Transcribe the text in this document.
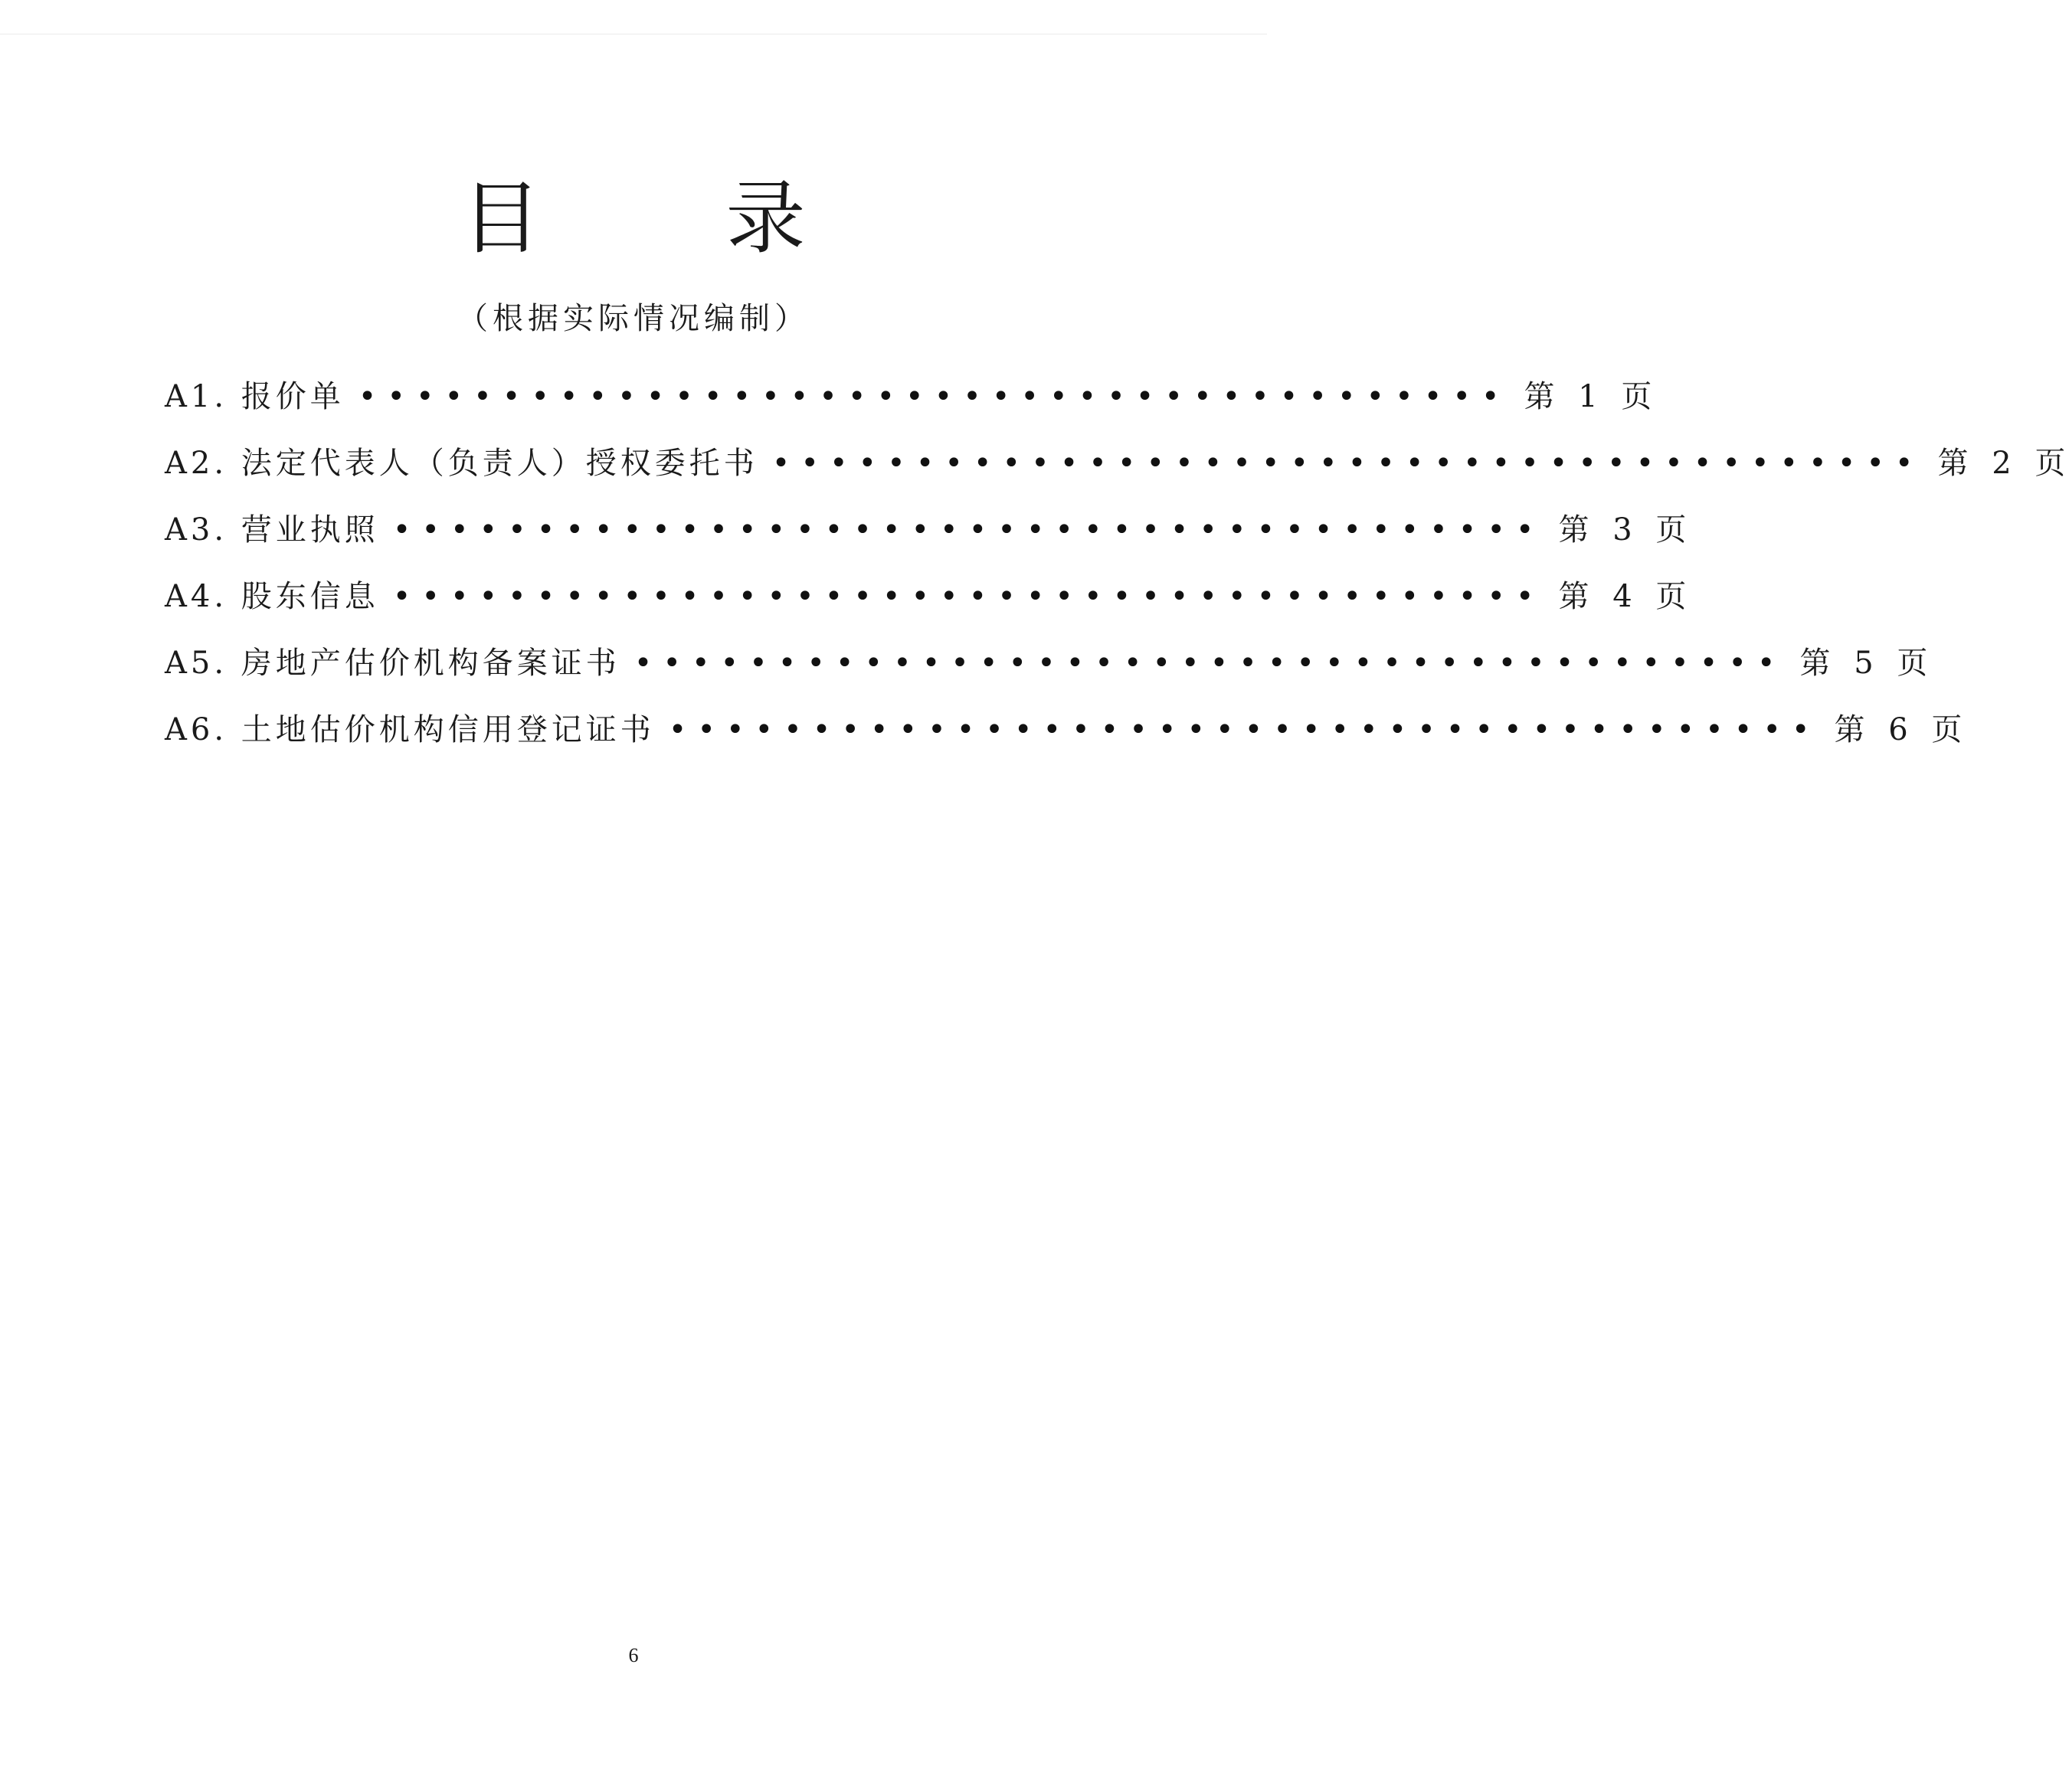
目 录
（根据实际情况编制）
A1. 报价单 •••••••••••••••••••••••••••••••••••••••• 第 1 页
A2. 法定代表人（负责人）授权委托书 •••••••••••••••••••••••••••••••••••••••• 第 2 页
A3. 营业执照 •••••••••••••••••••••••••••••••••••••••• 第 3 页
A4. 股东信息 •••••••••••••••••••••••••••••••••••••••• 第 4 页
A5. 房地产估价机构备案证书 •••••••••••••••••••••••••••••••••••••••• 第 5 页
A6. 土地估价机构信用登记证书 •••••••••••••••••••••••••••••••••••••••• 第 6 页
6
